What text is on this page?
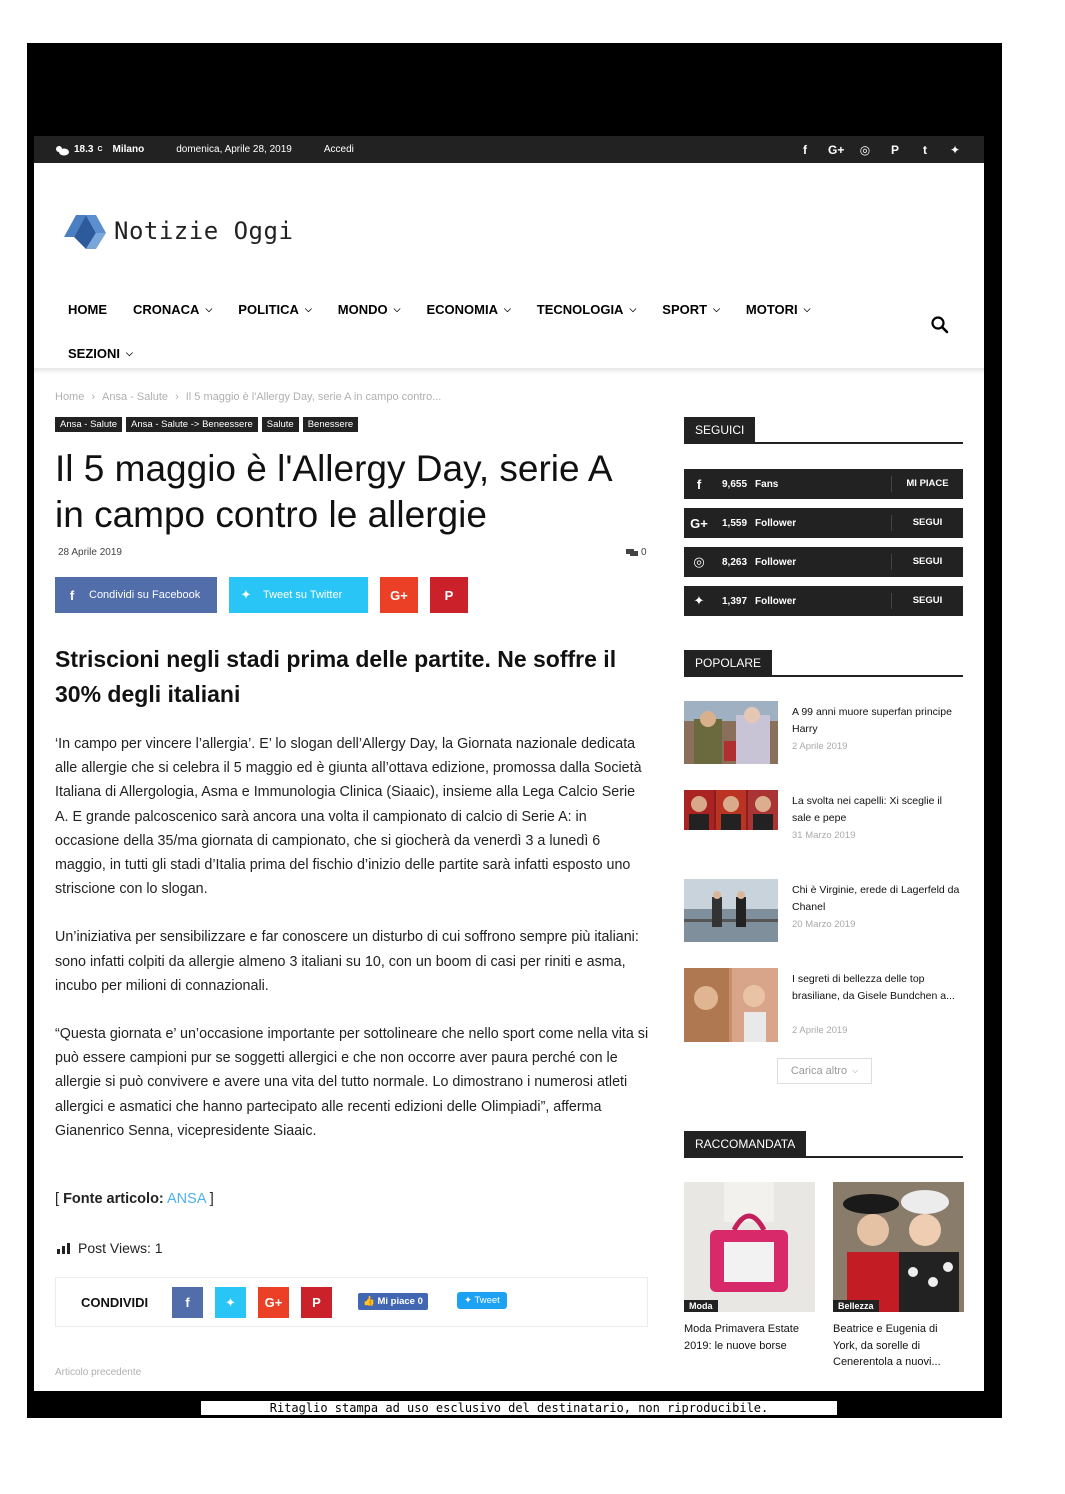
18.3 C Milano	domenica, Aprile 28, 2019	Accedi	f	G+ ◎ P	t	✦
Notizie Oggi
HOME CRONACA ⌵ POLITICA ⌵ MONDO ⌵ ECONOMIA ⌵ TECNOLOGIA ⌵ SPORT ⌵ MOTORI ⌵
SEZIONI ⌵
Home › Ansa - Salute › Il 5 maggio è l'Allergy Day, serie A in campo contro...
Ansa - Salute	Ansa - Salute -> Beneessere	Salute	Benessere
Il 5 maggio è l'Allergy Day, serie A in campo contro le allergie
28 Aprile 2019	0
f	Condividi su Facebook	✦	Tweet su Twitter	G+	P
Striscioni negli stadi prima delle partite. Ne soffre il 30% degli italiani

‘In campo per vincere l’allergia’. E’ lo slogan dell’Allergy Day, la Giornata nazionale dedicata alle allergie che si celebra il 5 maggio ed è giunta all’ottava edizione, promossa dalla Società Italiana di Allergologia, Asma e Immunologia Clinica (Siaaic), insieme alla Lega Calcio Serie A. E grande palcoscenico sarà ancora una volta il campionato di calcio di Serie A: in occasione della 35/ma giornata di campionato, che si giocherà da venerdì 3 a lunedì 6 maggio, in tutti gli stadi d’Italia prima del fischio d’inizio delle partite sarà infatti esposto uno striscione con lo slogan.

Un’iniziativa per sensibilizzare e far conoscere un disturbo di cui soffrono sempre più italiani: sono infatti colpiti da allergie almeno 3 italiani su 10, con un boom di casi per riniti e asma, incubo per milioni di connazionali.

“Questa giornata e’ un’occasione importante per sottolineare che nello sport come nella vita si può essere campioni pur se soggetti allergici e che non occorre aver paura perché con le allergie si può convivere e avere una vita del tutto normale. Lo dimostrano i numerosi atleti allergici e asmatici che hanno partecipato alle recenti edizioni delle Olimpiadi”, afferma Gianenrico Senna, vicepresidente Siaaic.

[ Fonte articolo: ANSA ]
Post Views: 1
CONDIVIDI	f	✦ G+ P	👍 Mi piace 0	✦ Tweet
Articolo precedente
SEGUICI
f	9,655 Fans	MI PIACE
G+	1,559 Follower	SEGUI
◎	8,263 Follower	SEGUI
✦	1,397 Follower	SEGUI
POPOLARE
A 99 anni muore superfan principe Harry
2 Aprile 2019
La svolta nei capelli: Xi sceglie il sale e pepe
31 Marzo 2019
Chi è Virginie, erede di Lagerfeld da Chanel
20 Marzo 2019
I segreti di bellezza delle top brasiliane, da Gisele Bundchen a...
2 Aprile 2019
Carica altro ⌵
RACCOMANDATA
Moda
Moda Primavera Estate 2019: le nuove borse
Bellezza
Beatrice e Eugenia di York, da sorelle di Cenerentola a nuovi...
Ritaglio stampa ad uso esclusivo del destinatario, non riproducibile.
